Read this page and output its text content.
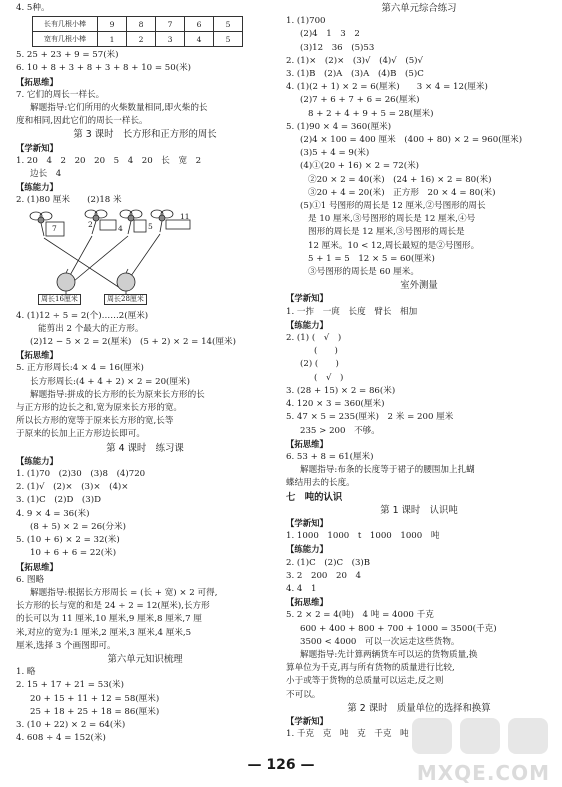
4. 5种。
长有几根小棒	9	8	7	6	5
宽有几根小棒	1	2	3	4	5
5. 25 + 23 + 9 = 57(米)
6. 10 + 8 + 3 + 8 + 3 + 8 + 10 = 50(米)
【拓思维】
7. 它们的周长一样长。
解题指导:它们所用的火柴数量相同,即火柴的长
度和相同,因此它们的周长一样长。
第 3 课时　长方形和正方形的周长
【学新知】
1. 20　4　2　20　20　5　4　20　长　宽　2
边长　4
【练能力】
2. (1)80 厘米　　(2)18 米
7	2	4	5
11
周长16厘米	周长28厘米
4. (1)12 ÷ 5 = 2(个)……2(厘米)
能剪出 2 个最大的正方形。
(2)12 − 5 × 2 = 2(厘米)　(5 + 2) × 2 = 14(厘米)
【拓思维】
5. 正方形周长:4 × 4 = 16(厘米)
长方形周长:(4 + 4 + 2) × 2 = 20(厘米)
解题指导:拼成的长方形的长为原来长方形的长
与正方形的边长之和,宽为原来长方形的宽。
所以长方形的宽等于原来长方形的宽,长等
于原来的长加上正方形边长即可。
第 4 课时　练习课
【练能力】
1. (1)70　(2)30　(3)8　(4)720
2. (1)√　(2)×　(3)×　(4)×
3. (1)C　(2)D　(3)D
4. 9 × 4 = 36(米)
(8 + 5) × 2 = 26(分米)
5. (10 + 6) × 2 = 32(米)
10 + 6 + 6 = 22(米)
【拓思维】
6. 图略
解题指导:根据长方形周长 = (长 + 宽) × 2 可得,
长方形的长与宽的和是 24 ÷ 2 = 12(厘米),长方形
的长可以为 11 厘米,10 厘米,9 厘米,8 厘米,7 厘
米,对应的宽为:1 厘米,2 厘米,3 厘米,4 厘米,5
厘米,选择 3 个画图即可。
第六单元知识梳理
1. 略
2. 15 + 17 + 21 = 53(米)
20 + 15 + 11 + 12 = 58(厘米)
25 + 18 + 25 + 18 = 86(厘米)
3. (10 + 22) × 2 = 64(米)
4. 608 ÷ 4 = 152(米)
第六单元综合练习
1. (1)700
(2)4　1　3　2
(3)12　36　(5)53
2. (1)×　(2)×　(3)√　(4)√　(5)√
3. (1)B　(2)A　(3)A　(4)B　(5)C
4. (1)(2 + 1) × 2 = 6(厘米)　　3 × 4 = 12(厘米)
(2)7 + 6 + 7 + 6 = 26(厘米)
8 + 2 + 4 + 9 + 5 = 28(厘米)
5. (1)90 × 4 = 360(厘米)
(2)4 × 100 = 400 厘米　(400 + 80) × 2 = 960(厘米)
(3)5 + 4 = 9(米)
(4)①(20 + 16) × 2 = 72(米)
②20 × 2 = 40(米)　(24 + 16) × 2 = 80(米)
③20 + 4 = 20(米)　正方形　20 × 4 = 80(米)
(5)①1 号图形的周长是 12 厘米,②号图形的周长
是 10 厘米,③号图形的周长是 12 厘米,④号
图形的周长是 12 厘米,③号图形的周长是
12 厘米。10 < 12,周长最短的是②号图形。
5 + 1 = 5　12 × 5 = 60(厘米)
③号图形的周长是 60 厘米。
室外测量
【学新知】
1. 一拃　一庹　长度　臂长　相加
【练能力】
2. (1) (　√　)
(　　)
(2) (　　)
(　√　)
3. (28 + 15) × 2 = 86(米)
4. 120 × 3 = 360(厘米)
5. 47 × 5 = 235(厘米)　2 米 = 200 厘米
235 > 200　不够。
【拓思维】
6. 53 + 8 = 61(厘米)
解题指导:布条的长度等于裙子的腰围加上扎蝴
蝶结用去的长度。
七　吨的认识
第 1 课时　认识吨
【学新知】
1. 1000　1000　t　1000　1000　吨
【练能力】
2. (1)C　(2)C　(3)B
3. 2　200　20　4
4. 4　1
【拓思维】
5. 2 × 2 = 4(吨)　4 吨 = 4000 千克
600 + 400 + 800 + 700 + 1000 = 3500(千克)
3500 < 4000　可以一次运走这些货物。
解题指导:先计算两辆货车可以运的货物质量,换
算单位为千克,再与所有货物的质量进行比较,
小于或等于货物的总质量可以运走,反之则
不可以。
第 2 课时　质量单位的选择和换算
【学新知】
1. 千克　克　吨　克　千克　吨
— 126 —	MXQE.COM
